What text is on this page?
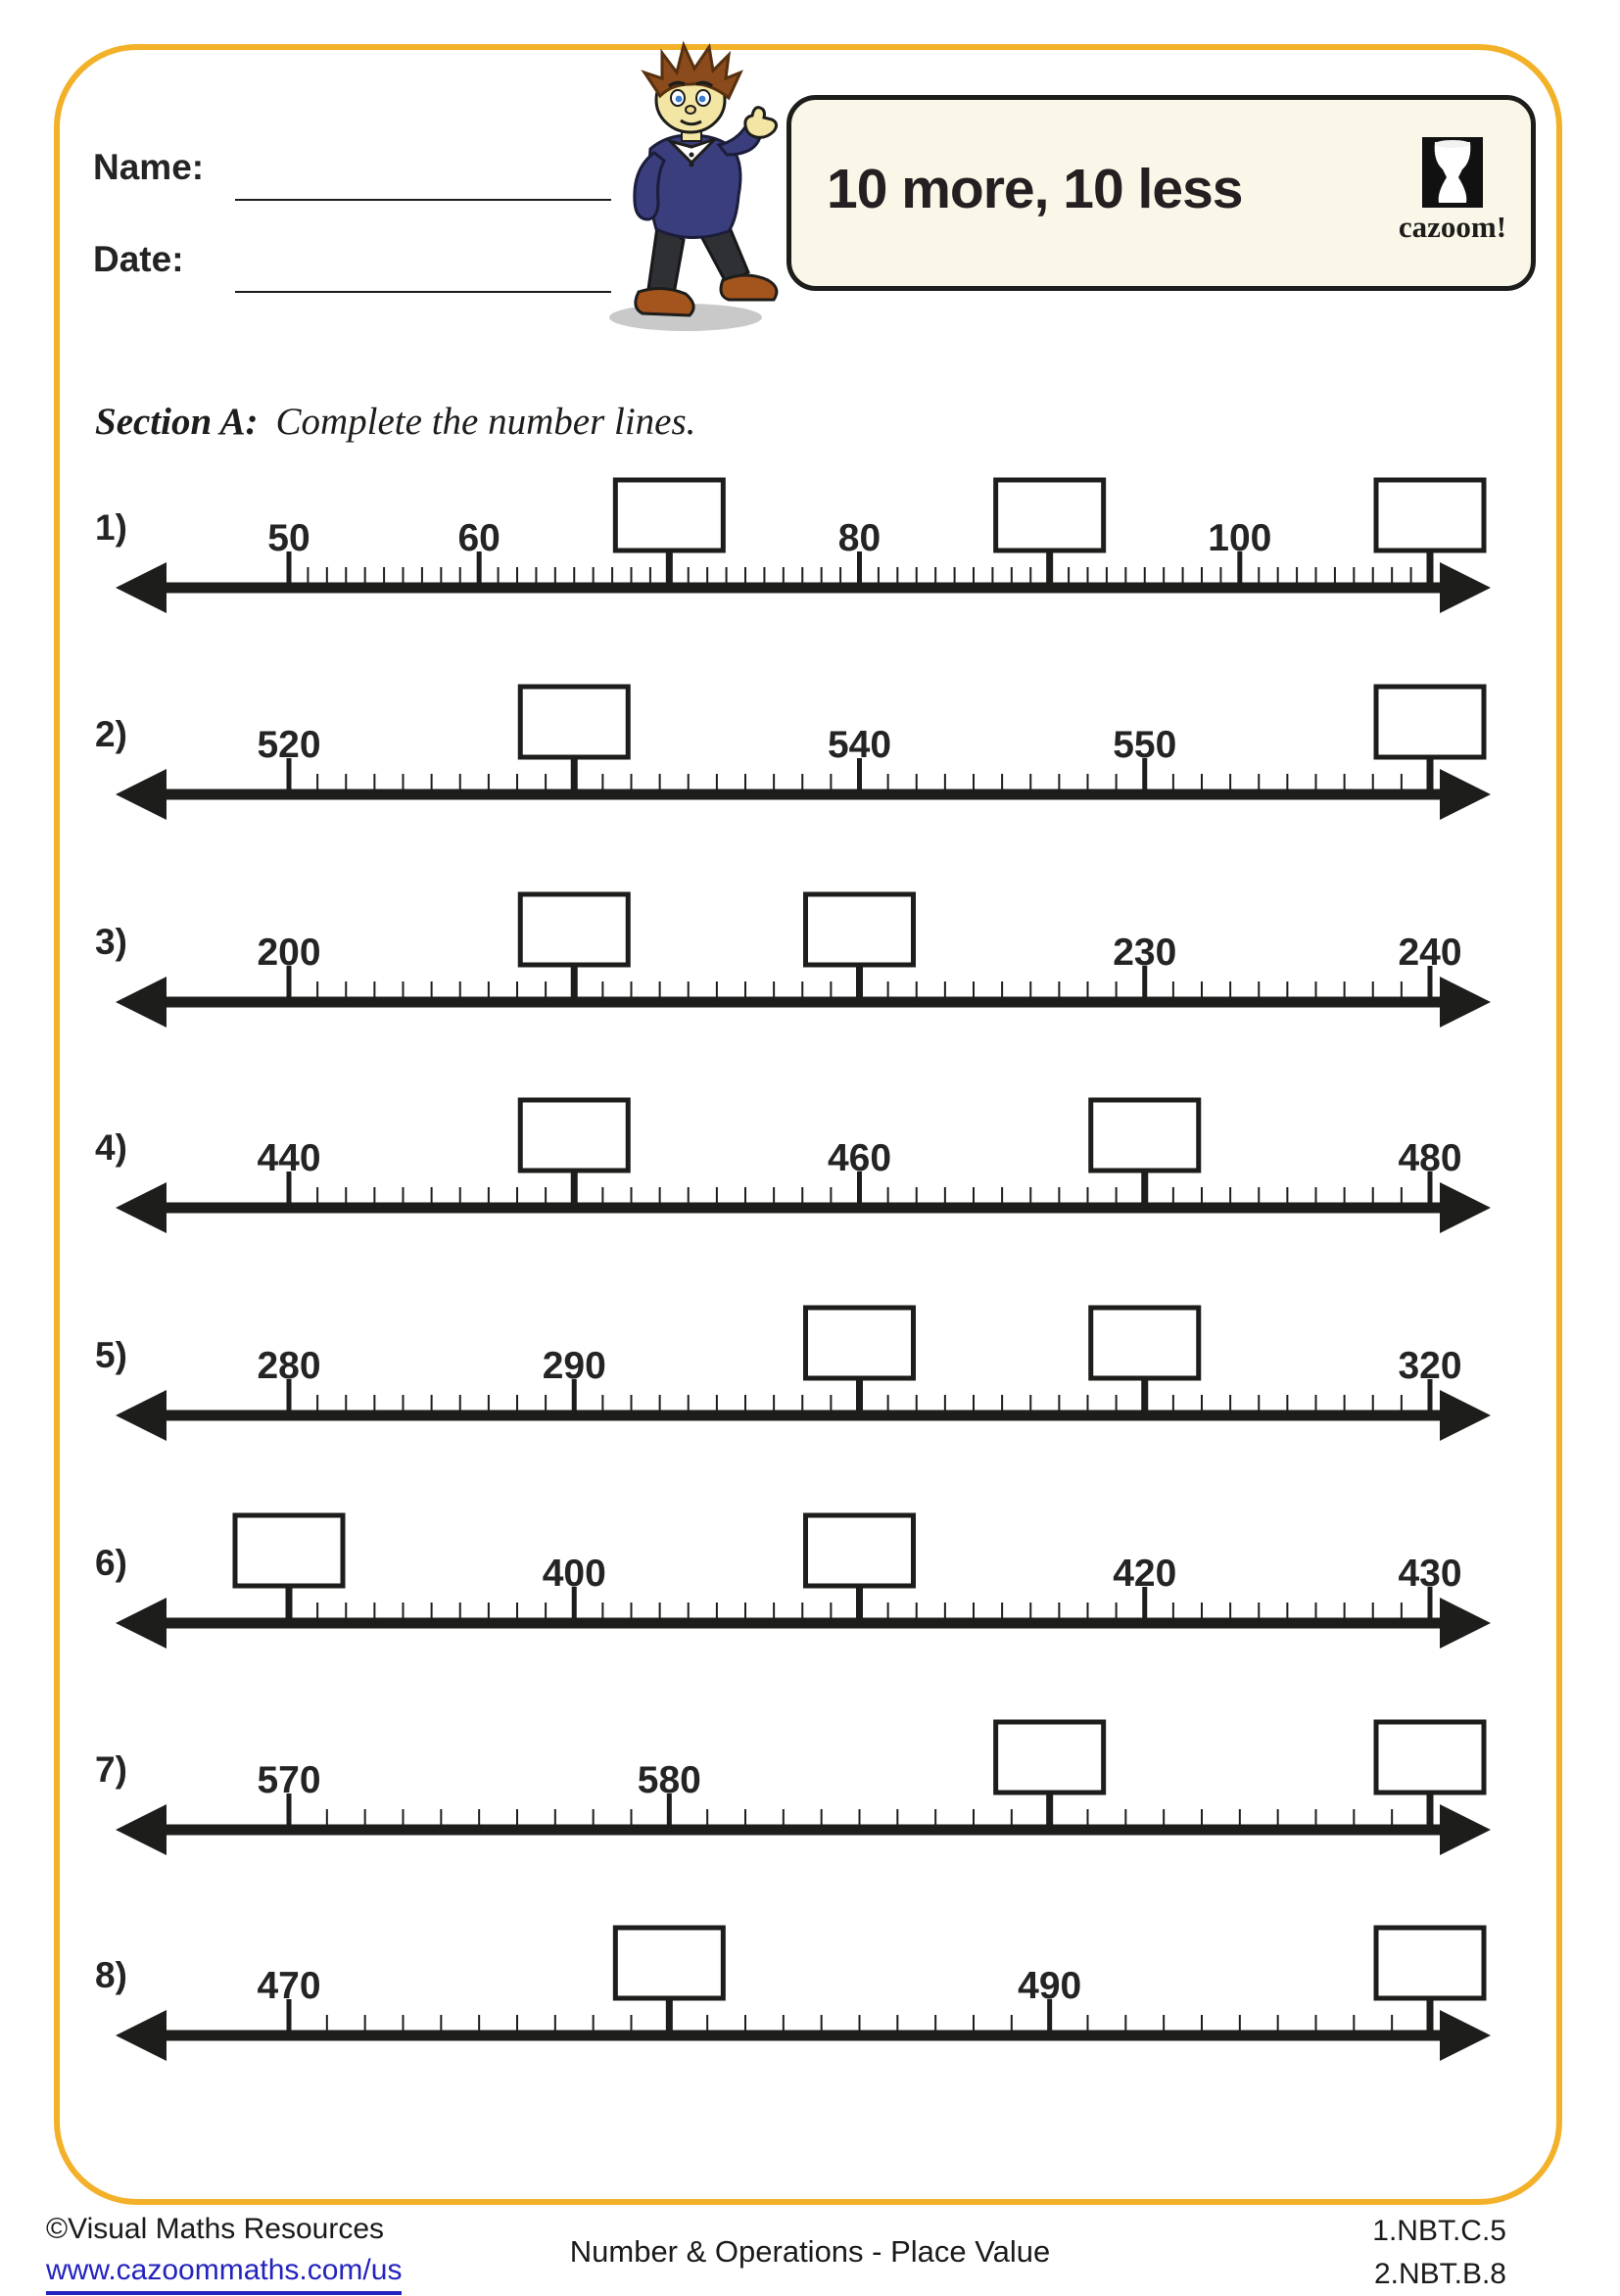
Name:
Date:
10 more, 10 less
cazoom!
Section A: Complete the number lines.
1)	50	60	80	100
2)	520	540	550
3)	200	230	240
4)	440	460	480
5)	280	290	320
6)	400	420	430
7)	570	580
8)	470	490
©Visual Maths Resources
www.cazoommaths.com/us
Number & Operations - Place Value
1.NBT.C.5
2.NBT.B.8
